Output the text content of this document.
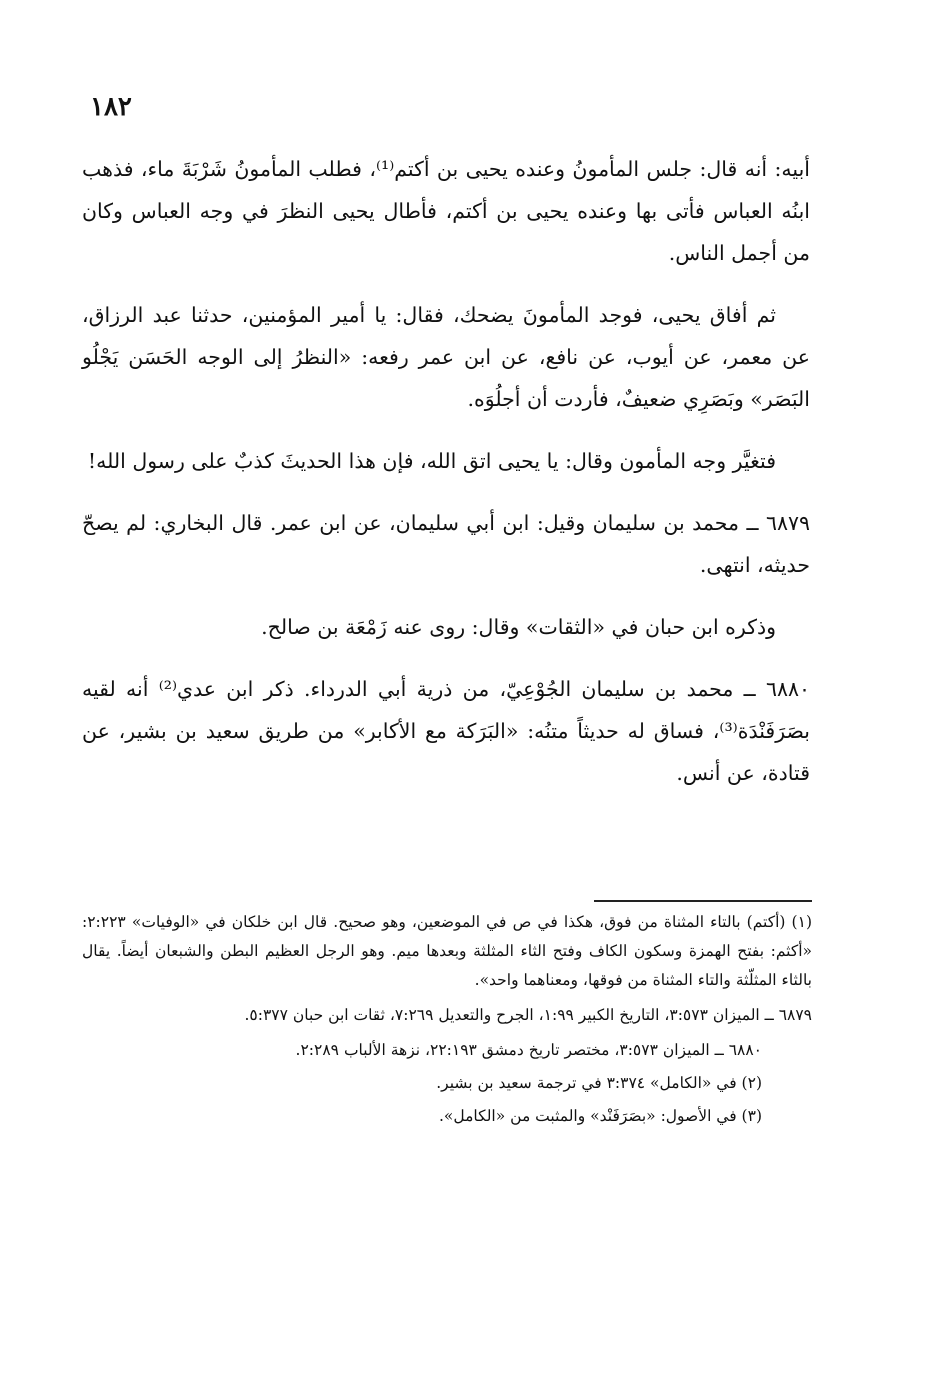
١٨٢

أبيه: أنه قال: جلس المأمونُ وعنده يحيى بن أكتم⁽¹⁾، فطلب المأمونُ شَرْبَةَ ماء، فذهب ابنُه العباس فأتى بها وعنده يحيى بن أكتم، فأطال يحيى النظرَ في وجه العباس وكان من أجمل الناس.

ثم أفاق يحيى، فوجد المأمونَ يضحك، فقال: يا أمير المؤمنين، حدثنا عبد الرزاق، عن معمر، عن أيوب، عن نافع، عن ابن عمر رفعه: «النظرُ إلى الوجه الحَسَن يَجْلُو البَصَر» وبَصَرِي ضعيفٌ، فأردت أن أجلُوَه.

فتغيَّر وجه المأمون وقال: يا يحيى اتق الله، فإن هذا الحديثَ كذبٌ على رسول الله!

٦٨٧٩ ــ محمد بن سليمان وقيل: ابن أبي سليمان، عن ابن عمر. قال البخاري: لم يصحّ حديثه، انتهى.

وذكره ابن حبان في «الثقات» وقال: روى عنه زَمْعَة بن صالح.

٦٨٨٠ ــ محمد بن سليمان الجُوْعِيّ، من ذرية أبي الدرداء. ذكر ابن عدي⁽²⁾ أنه لقيه بصَرَفَنْدَة⁽³⁾، فساق له حديثاً متنُه: «البَرَكة مع الأكابر» من طريق سعيد بن بشير، عن قتادة، عن أنس.

(١) (أكتم) بالتاء المثناة من فوق، هكذا في ص في الموضعين، وهو صحيح. قال ابن خلكان في «الوفيات» ٢:٢٢٣: «أكثم: بفتح الهمزة وسكون الكاف وفتح الثاء المثلثة وبعدها ميم. وهو الرجل العظيم البطن والشبعان أيضاً. يقال بالثاء المثلّثة والتاء المثناة من فوقها، ومعناهما واحد».

٦٨٧٩ ــ الميزان ٣:٥٧٣، التاريخ الكبير ١:٩٩، الجرح والتعديل ٧:٢٦٩، ثقات ابن حبان ٥:٣٧٧.

٦٨٨٠ ــ الميزان ٣:٥٧٣، مختصر تاريخ دمشق ٢٢:١٩٣، نزهة الألباب ٢:٢٨٩.

(٢) في «الكامل» ٣:٣٧٤ في ترجمة سعيد بن بشير.

(٣) في الأصول: «بصَرَفَنْد» والمثبت من «الكامل».
